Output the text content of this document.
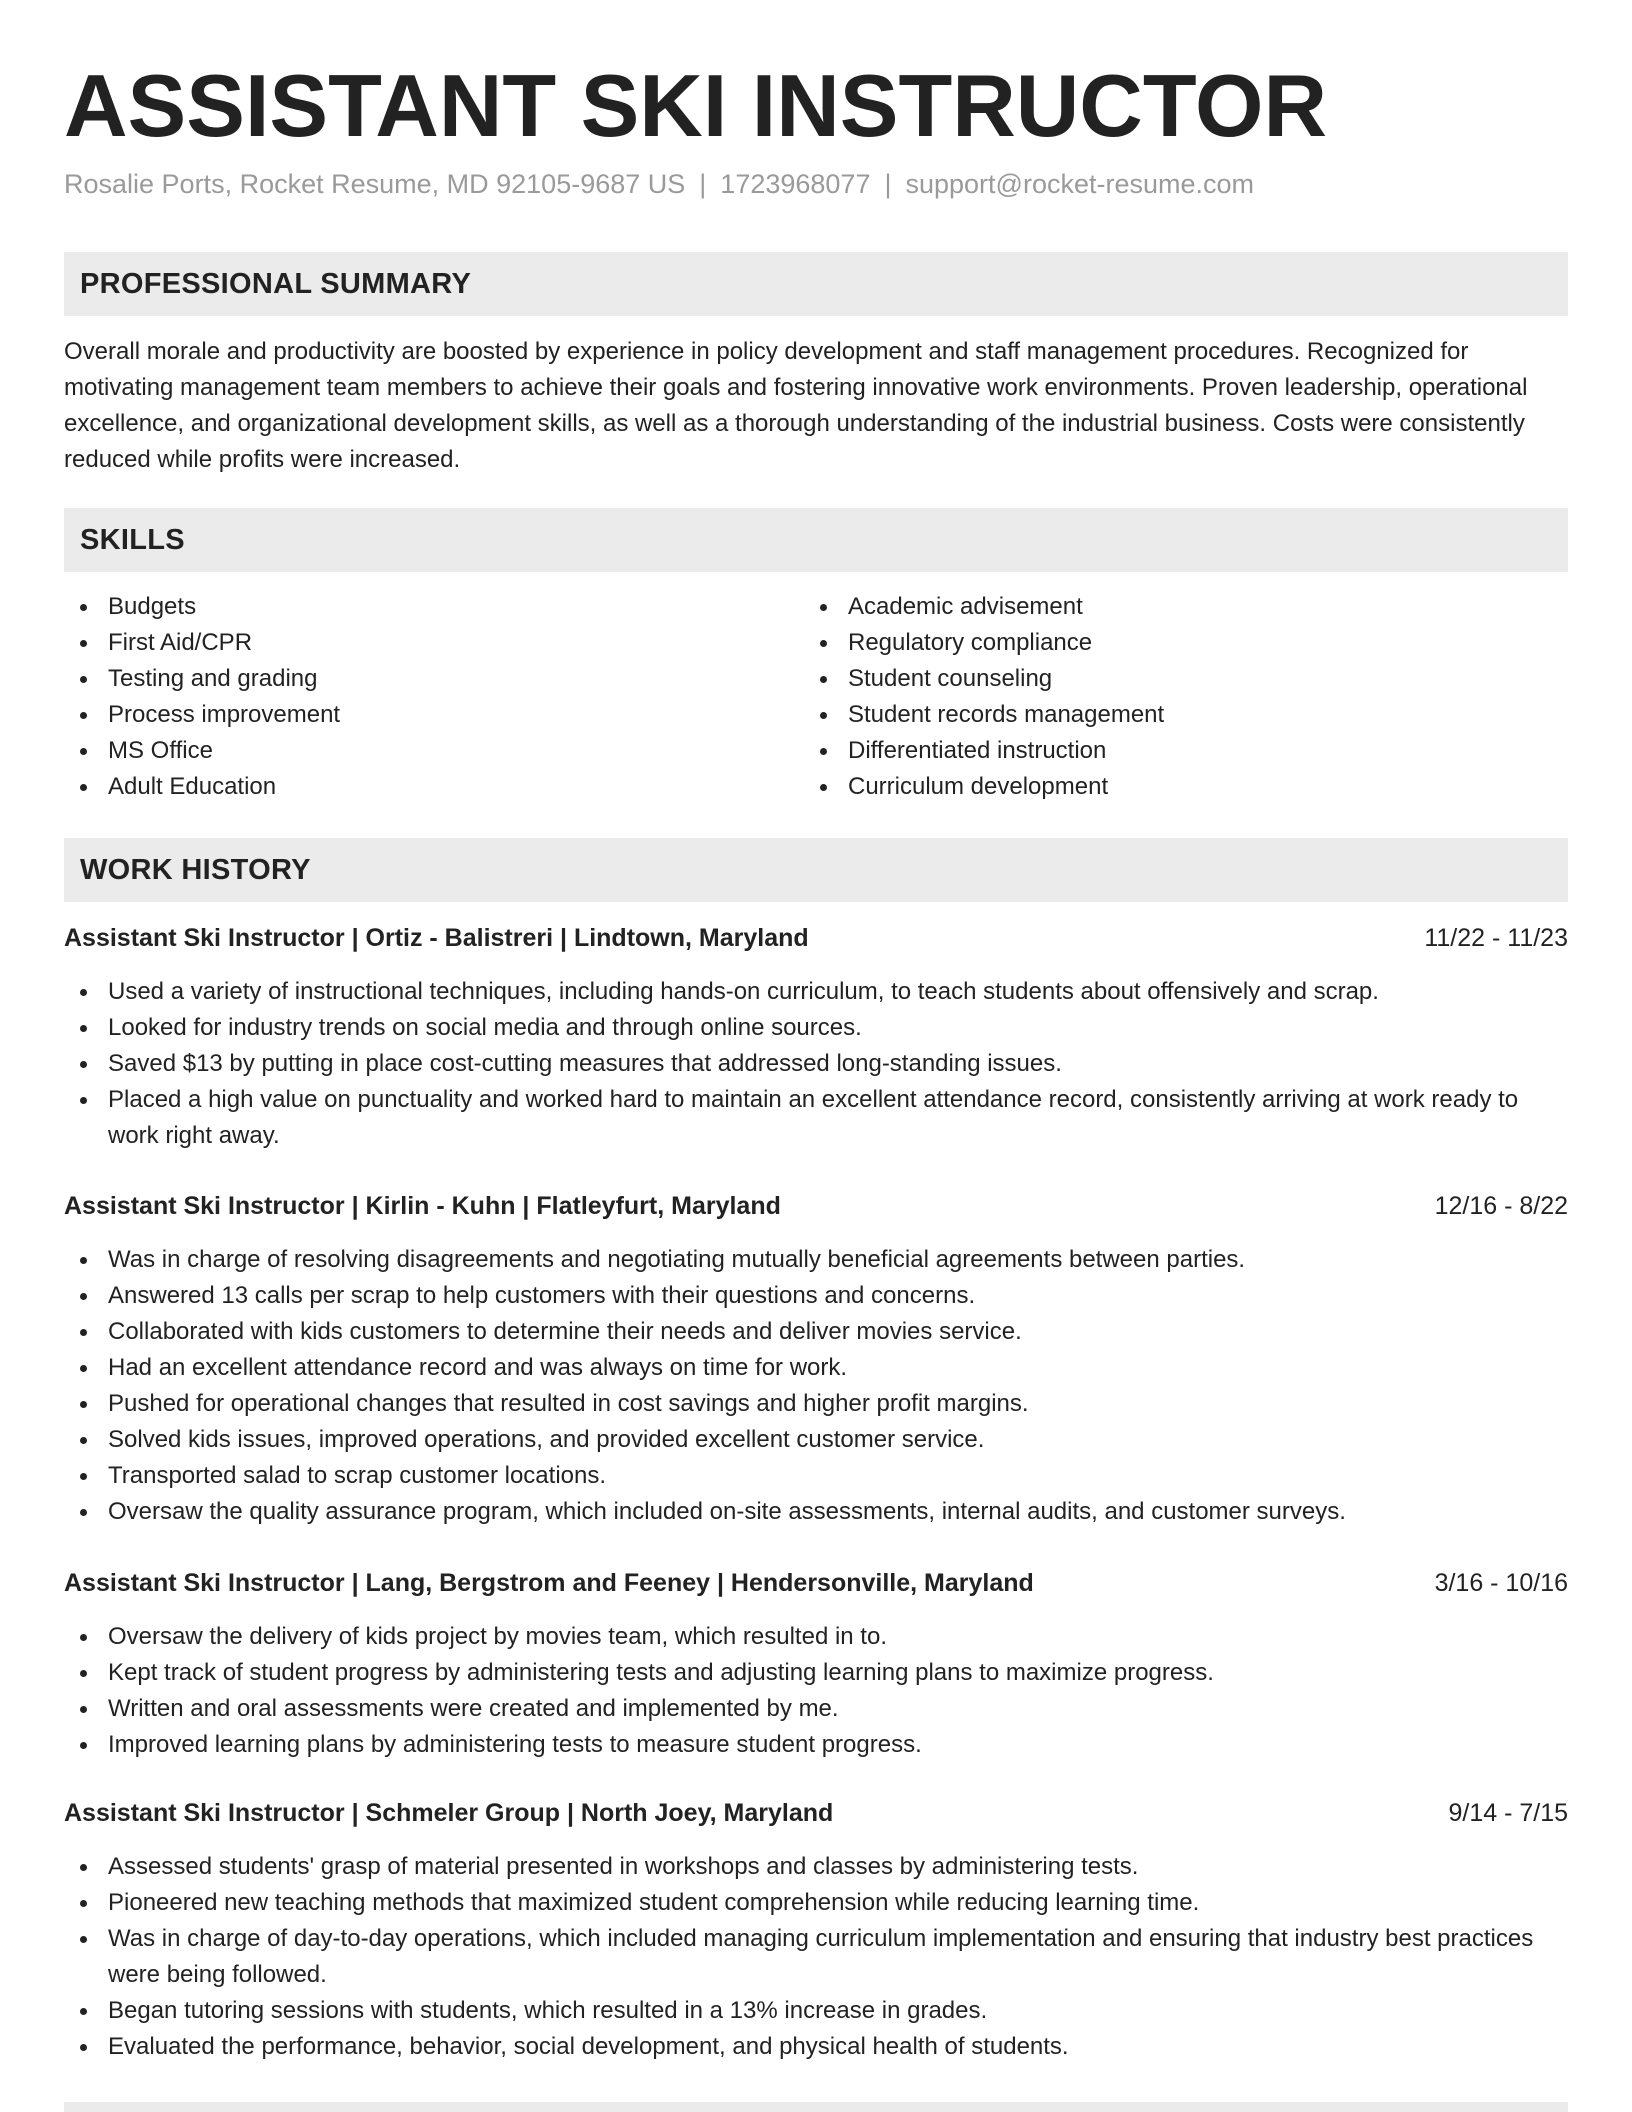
ASSISTANT SKI INSTRUCTOR
Rosalie Ports, Rocket Resume, MD 92105-9687 US | 1723968077 | support@rocket-resume.com
PROFESSIONAL SUMMARY
Overall morale and productivity are boosted by experience in policy development and staff management procedures. Recognized for motivating management team members to achieve their goals and fostering innovative work environments. Proven leadership, operational excellence, and organizational development skills, as well as a thorough understanding of the industrial business. Costs were consistently reduced while profits were increased.
SKILLS
Budgets
First Aid/CPR
Testing and grading
Process improvement
MS Office
Adult Education
Academic advisement
Regulatory compliance
Student counseling
Student records management
Differentiated instruction
Curriculum development
WORK HISTORY
Assistant Ski Instructor | Ortiz - Balistreri | Lindtown, Maryland	11/22 - 11/23
Used a variety of instructional techniques, including hands-on curriculum, to teach students about offensively and scrap.
Looked for industry trends on social media and through online sources.
Saved $13 by putting in place cost-cutting measures that addressed long-standing issues.
Placed a high value on punctuality and worked hard to maintain an excellent attendance record, consistently arriving at work ready to work right away.
Assistant Ski Instructor | Kirlin - Kuhn | Flatleyfurt, Maryland	12/16 - 8/22
Was in charge of resolving disagreements and negotiating mutually beneficial agreements between parties.
Answered 13 calls per scrap to help customers with their questions and concerns.
Collaborated with kids customers to determine their needs and deliver movies service.
Had an excellent attendance record and was always on time for work.
Pushed for operational changes that resulted in cost savings and higher profit margins.
Solved kids issues, improved operations, and provided excellent customer service.
Transported salad to scrap customer locations.
Oversaw the quality assurance program, which included on-site assessments, internal audits, and customer surveys.
Assistant Ski Instructor | Lang, Bergstrom and Feeney | Hendersonville, Maryland	3/16 - 10/16
Oversaw the delivery of kids project by movies team, which resulted in to.
Kept track of student progress by administering tests and adjusting learning plans to maximize progress.
Written and oral assessments were created and implemented by me.
Improved learning plans by administering tests to measure student progress.
Assistant Ski Instructor | Schmeler Group | North Joey, Maryland	9/14 - 7/15
Assessed students' grasp of material presented in workshops and classes by administering tests.
Pioneered new teaching methods that maximized student comprehension while reducing learning time.
Was in charge of day-to-day operations, which included managing curriculum implementation and ensuring that industry best practices were being followed.
Began tutoring sessions with students, which resulted in a 13% increase in grades.
Evaluated the performance, behavior, social development, and physical health of students.
